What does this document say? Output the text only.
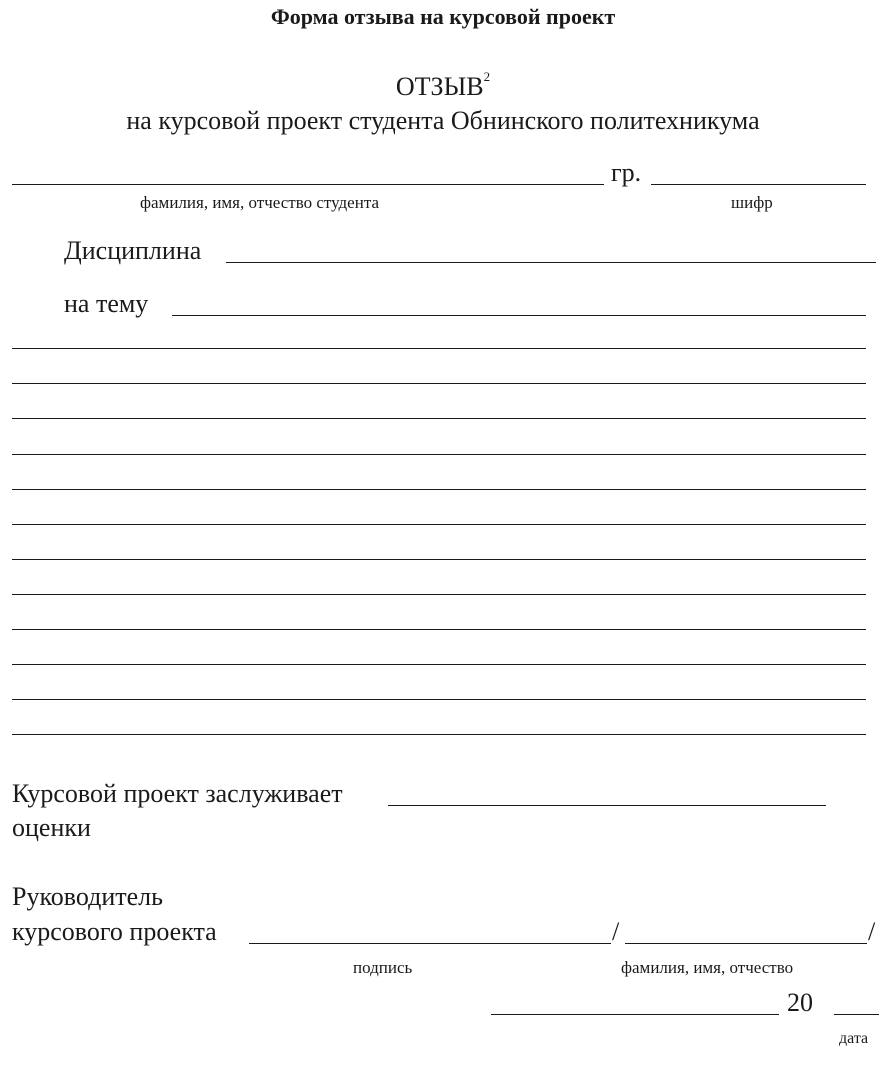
Форма отзыва на курсовой проект
ОТЗЫВ$^2$
на курсовой проект студента Обнинского политехникума
гр.
фамилия, имя, отчество студента	шифр
Дисциплина
на тему
Курсовой проект заслуживает
оценки
Руководитель
курсового проекта	/	/
подпись	фамилия, имя, отчество
20
дата
